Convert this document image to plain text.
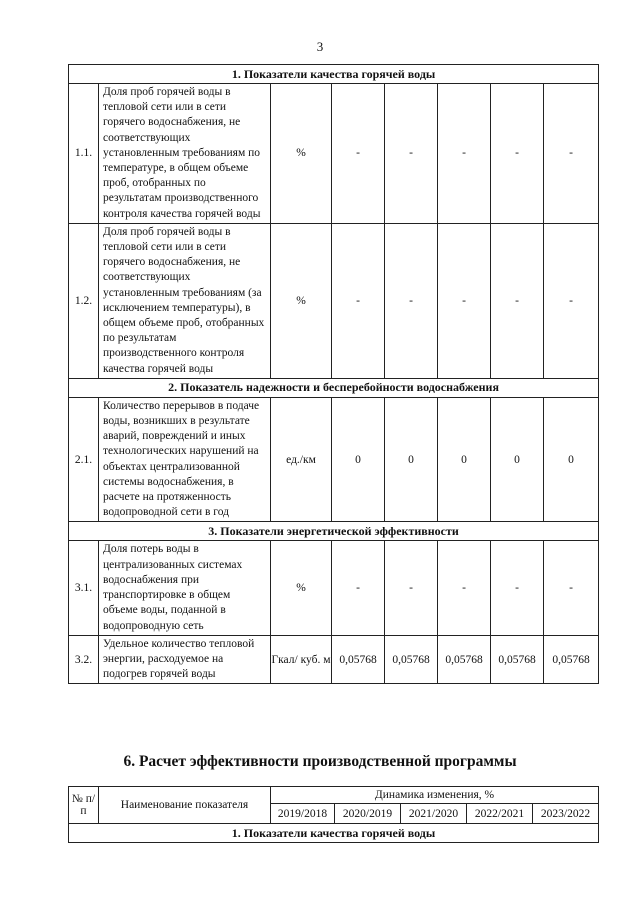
3
1. Показатели качества горячей воды							
1.1.	Доля проб горячей воды в тепловой сети или в сети горячего водоснабжения, не соответствующих установленным требованиям по температуре, в общем объеме проб, отобранных по результатам производственного контроля качества горячей воды	%	-	-	-	-	-
1.2.	Доля проб горячей воды в тепловой сети или в сети горячего водоснабжения, не соответствующих установленным требованиям (за исключением температуры), в общем объеме проб, отобранных по результатам производственного контроля качества горячей воды	%	-	-	-	-	-
2. Показатель надежности и бесперебойности водоснабжения							
2.1.	Количество перерывов в подаче воды, возникших в результате аварий, повреждений и иных технологических нарушений на объектах централизованной системы водоснабжения, в расчете на протяженность водопроводной сети в год	ед./км	0	0	0	0	0
3. Показатели энергетической эффективности							
3.1.	Доля потерь воды в централизованных системах водоснабжения при транспортировке в общем объеме воды, поданной в водопроводную сеть	%	-	-	-	-	-
3.2.	Удельное количество тепловой энергии, расходуемое на подогрев горячей воды	Гкал/ куб. м	0,05768	0,05768	0,05768	0,05768	0,05768
6. Расчет эффективности производственной программы
№ п/п	Наименование показателя	Динамика изменения, %				
		2019/2018	2020/2019	2021/2020	2022/2021	2023/2022
1. Показатели качества горячей воды						
